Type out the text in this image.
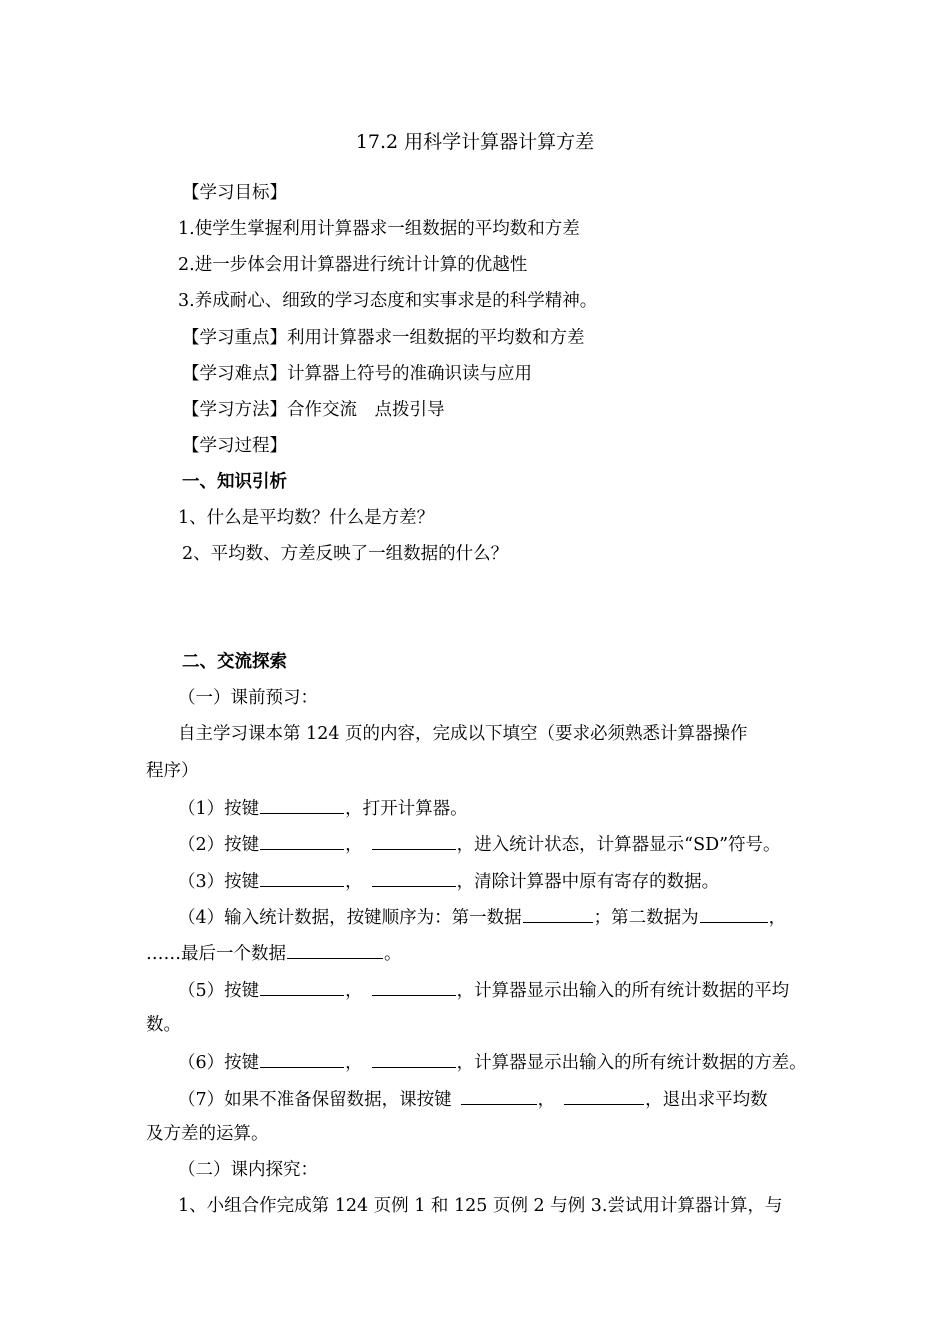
17.2 用科学计算器计算方差
【学习目标】
1.使学生掌握利用计算器求一组数据的平均数和方差
2.进一步体会用计算器进行统计计算的优越性
3.养成耐心、细致的学习态度和实事求是的科学精神。
【学习重点】利用计算器求一组数据的平均数和方差
【学习难点】计算器上符号的准确识读与应用
【学习方法】合作交流　点拨引导
【学习过程】
一、知识引析
1、什么是平均数？什么是方差？
2、平均数、方差反映了一组数据的什么？
二、交流探索
（一）课前预习：
自主学习课本第 124 页的内容，完成以下填空（要求必须熟悉计算器操作
程序）
（1）按键	，打开计算器。
（2）按键	，	，进入统计状态，计算器显示“SD”符号。
（3）按键	，	，清除计算器中原有寄存的数据。
（4）输入统计数据，按键顺序为：第一数据	；第二数据为	，
……最后一个数据	。
（5）按键	，	，计算器显示出输入的所有统计数据的平均
数。
（6）按键	，	，计算器显示出输入的所有统计数据的方差。
（7）如果不准备保留数据，课按键	，	，退出求平均数
及方差的运算。
（二）课内探究：
1、小组合作完成第 124 页例 1 和 125 页例 2 与例 3.尝试用计算器计算，与
